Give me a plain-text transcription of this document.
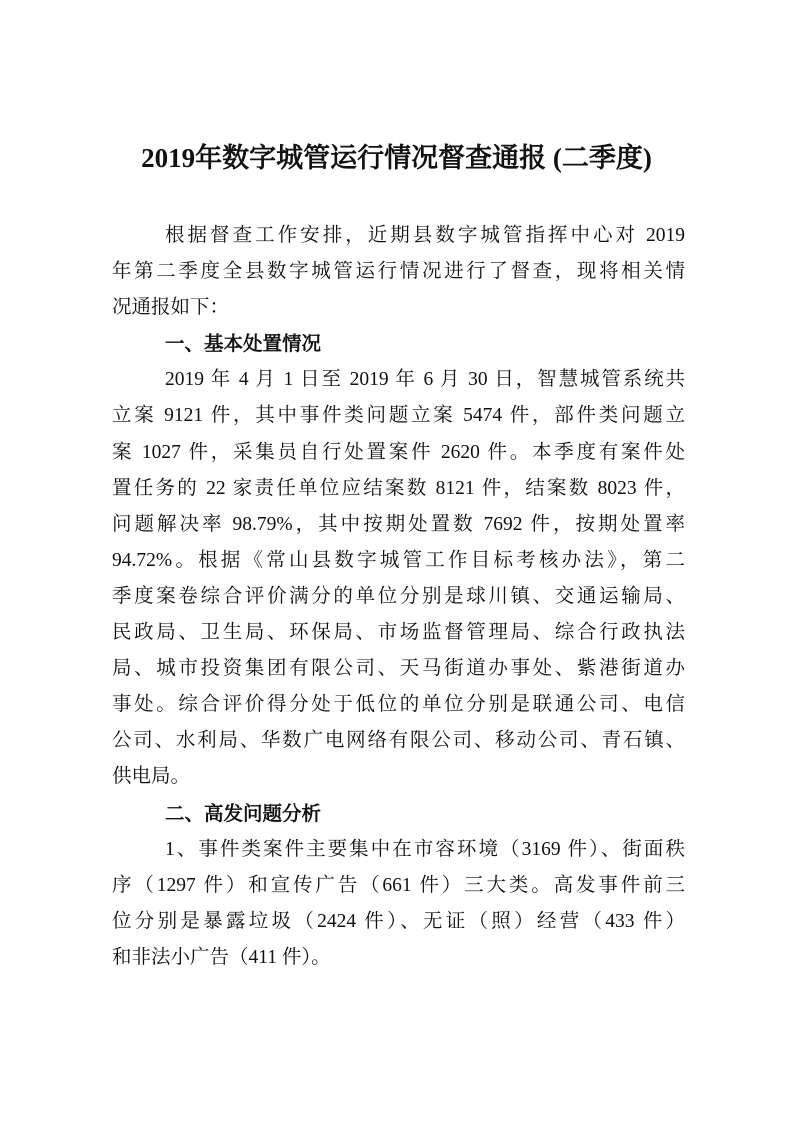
2019年数字城管运行情况督查通报 (二季度)
根据督查工作安排，近期县数字城管指挥中心对 2019
年第二季度全县数字城管运行情况进行了督查，现将相关情
况通报如下：
一、基本处置情况
2019 年 4 月 1 日至 2019 年 6 月 30 日，智慧城管系统共
立案 9121 件，其中事件类问题立案 5474 件，部件类问题立
案 1027 件，采集员自行处置案件 2620 件。本季度有案件处
置任务的 22 家责任单位应结案数 8121 件，结案数 8023 件，
问题解决率 98.79%，其中按期处置数 7692 件，按期处置率
94.72%。根据《常山县数字城管工作目标考核办法》，第二
季度案卷综合评价满分的单位分别是球川镇、交通运输局、
民政局、卫生局、环保局、市场监督管理局、综合行政执法
局、城市投资集团有限公司、天马街道办事处、紫港街道办
事处。综合评价得分处于低位的单位分别是联通公司、电信
公司、水利局、华数广电网络有限公司、移动公司、青石镇、
供电局。
二、高发问题分析
1、事件类案件主要集中在市容环境（3169 件）、街面秩
序（1297 件）和宣传广告（661 件）三大类。高发事件前三
位分别是暴露垃圾（2424 件）、无证（照）经营（433 件）
和非法小广告（411 件）。
